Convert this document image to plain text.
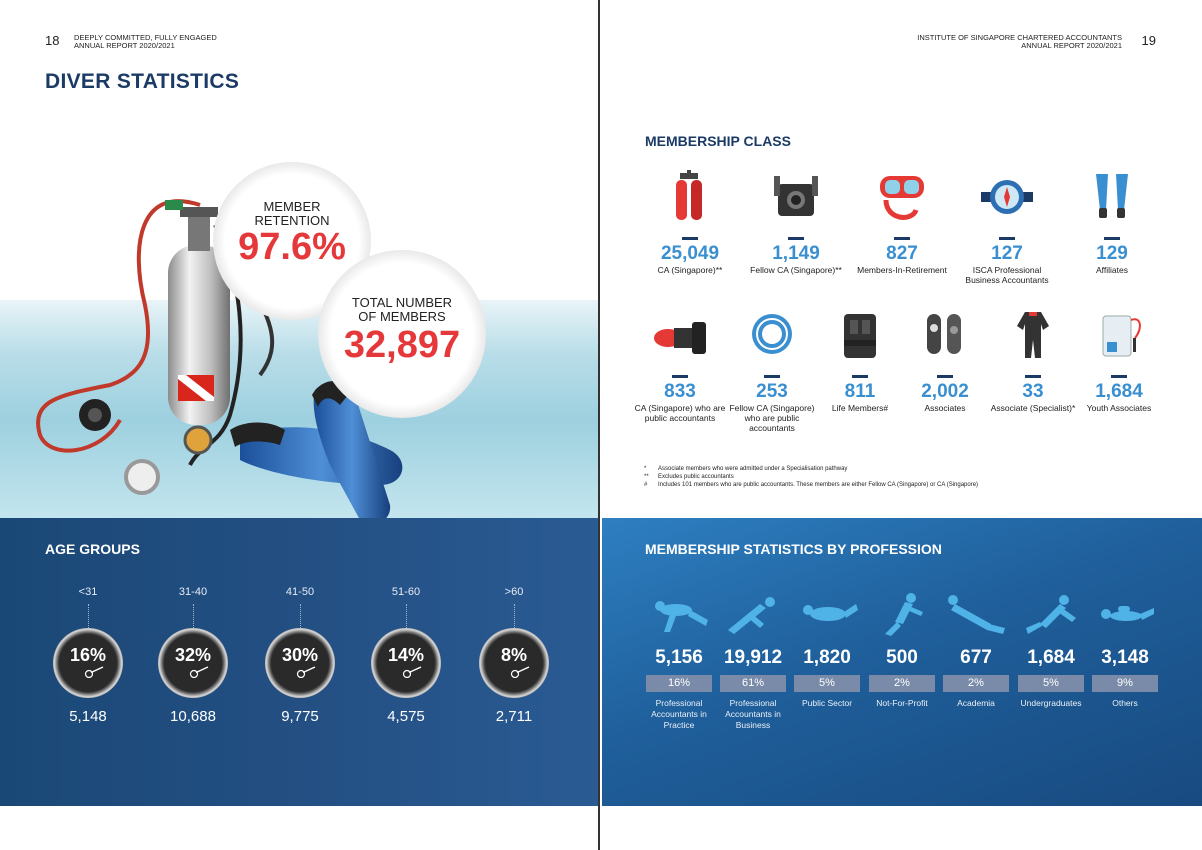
18 DEEPLY COMMITTED, FULLY ENGAGED
ANNUAL REPORT 2020/2021
DIVER STATISTICS
MEMBER
RETENTION
97.6%
TOTAL NUMBER
OF MEMBERS
32,897
AGE GROUPS
<31
16%
5,148
31-40
32%
10,688
41-50
30%
9,775
51-60
14%
4,575
>60
8%
2,711
INSTITUTE OF SINGAPORE CHARTERED ACCOUNTANTS
ANNUAL REPORT 2020/2021 19
MEMBERSHIP CLASS
25,049
CA (Singapore)**
1,149
Fellow CA (Singapore)**
827
Members-In-Retirement
127
ISCA Professional Business Accountants
129
Affiliates
833
CA (Singapore) who are public accountants
253
Fellow CA (Singapore) who are public accountants
811
Life Members#
2,002
Associates
33
Associate (Specialist)*
1,684
Youth Associates
* Associate members who were admitted under a Specialisation pathway
** Excludes public accountants
# Includes 101 members who are public accountants. These members are either Fellow CA (Singapore) or CA (Singapore)
MEMBERSHIP STATISTICS BY PROFESSION
5,156
16%
Professional Accountants in Practice
19,912
61%
Professional Accountants in Business
1,820
5%
Public Sector
500
2%
Not-For-Profit
677
2%
Academia
1,684
5%
Undergraduates
3,148
9%
Others
